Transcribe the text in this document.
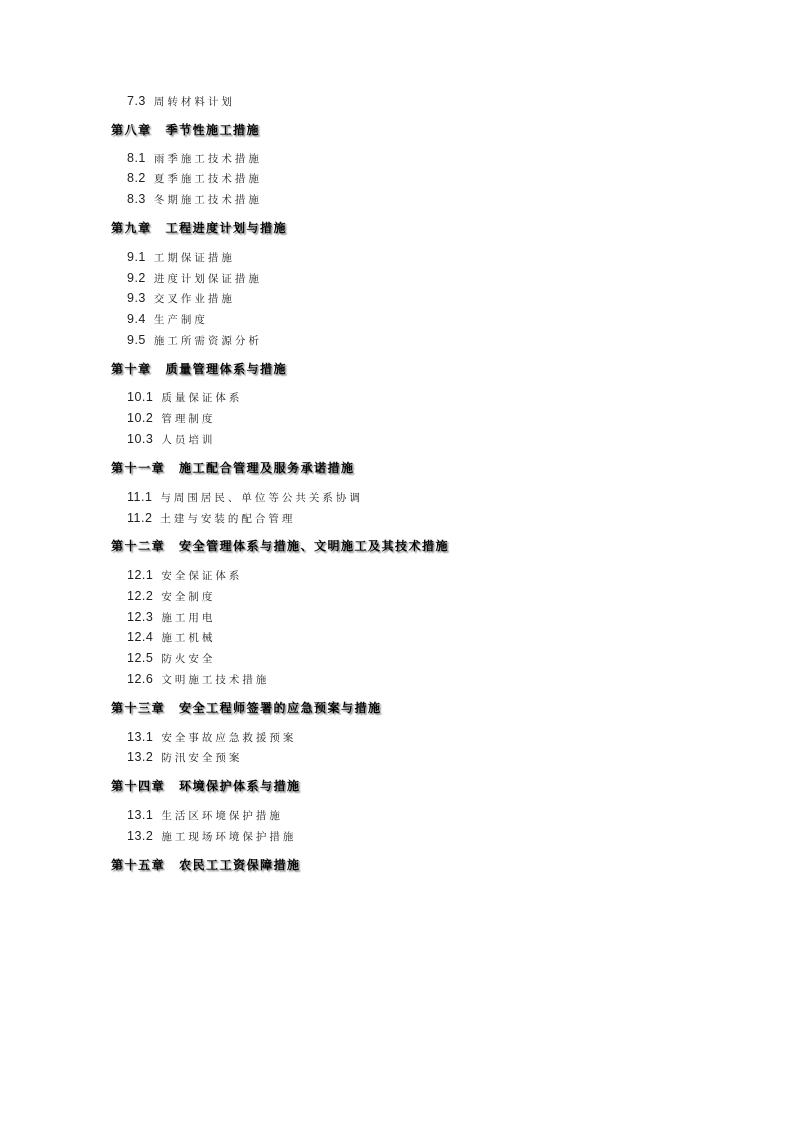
7.3 周转材料计划
第八章 季节性施工措施
8.1 雨季施工技术措施
8.2 夏季施工技术措施
8.3 冬期施工技术措施
第九章 工程进度计划与措施
9.1 工期保证措施
9.2 进度计划保证措施
9.3 交叉作业措施
9.4 生产制度
9.5 施工所需资源分析
第十章 质量管理体系与措施
10.1 质量保证体系
10.2 管理制度
10.3 人员培训
第十一章 施工配合管理及服务承诺措施
11.1 与周围居民、单位等公共关系协调
11.2 土建与安装的配合管理
第十二章 安全管理体系与措施、文明施工及其技术措施
12.1 安全保证体系
12.2 安全制度
12.3 施工用电
12.4 施工机械
12.5 防火安全
12.6 文明施工技术措施
第十三章 安全工程师签署的应急预案与措施
13.1 安全事故应急救援预案
13.2 防汛安全预案
第十四章 环境保护体系与措施
13.1 生活区环境保护措施
13.2 施工现场环境保护措施
第十五章 农民工工资保障措施
